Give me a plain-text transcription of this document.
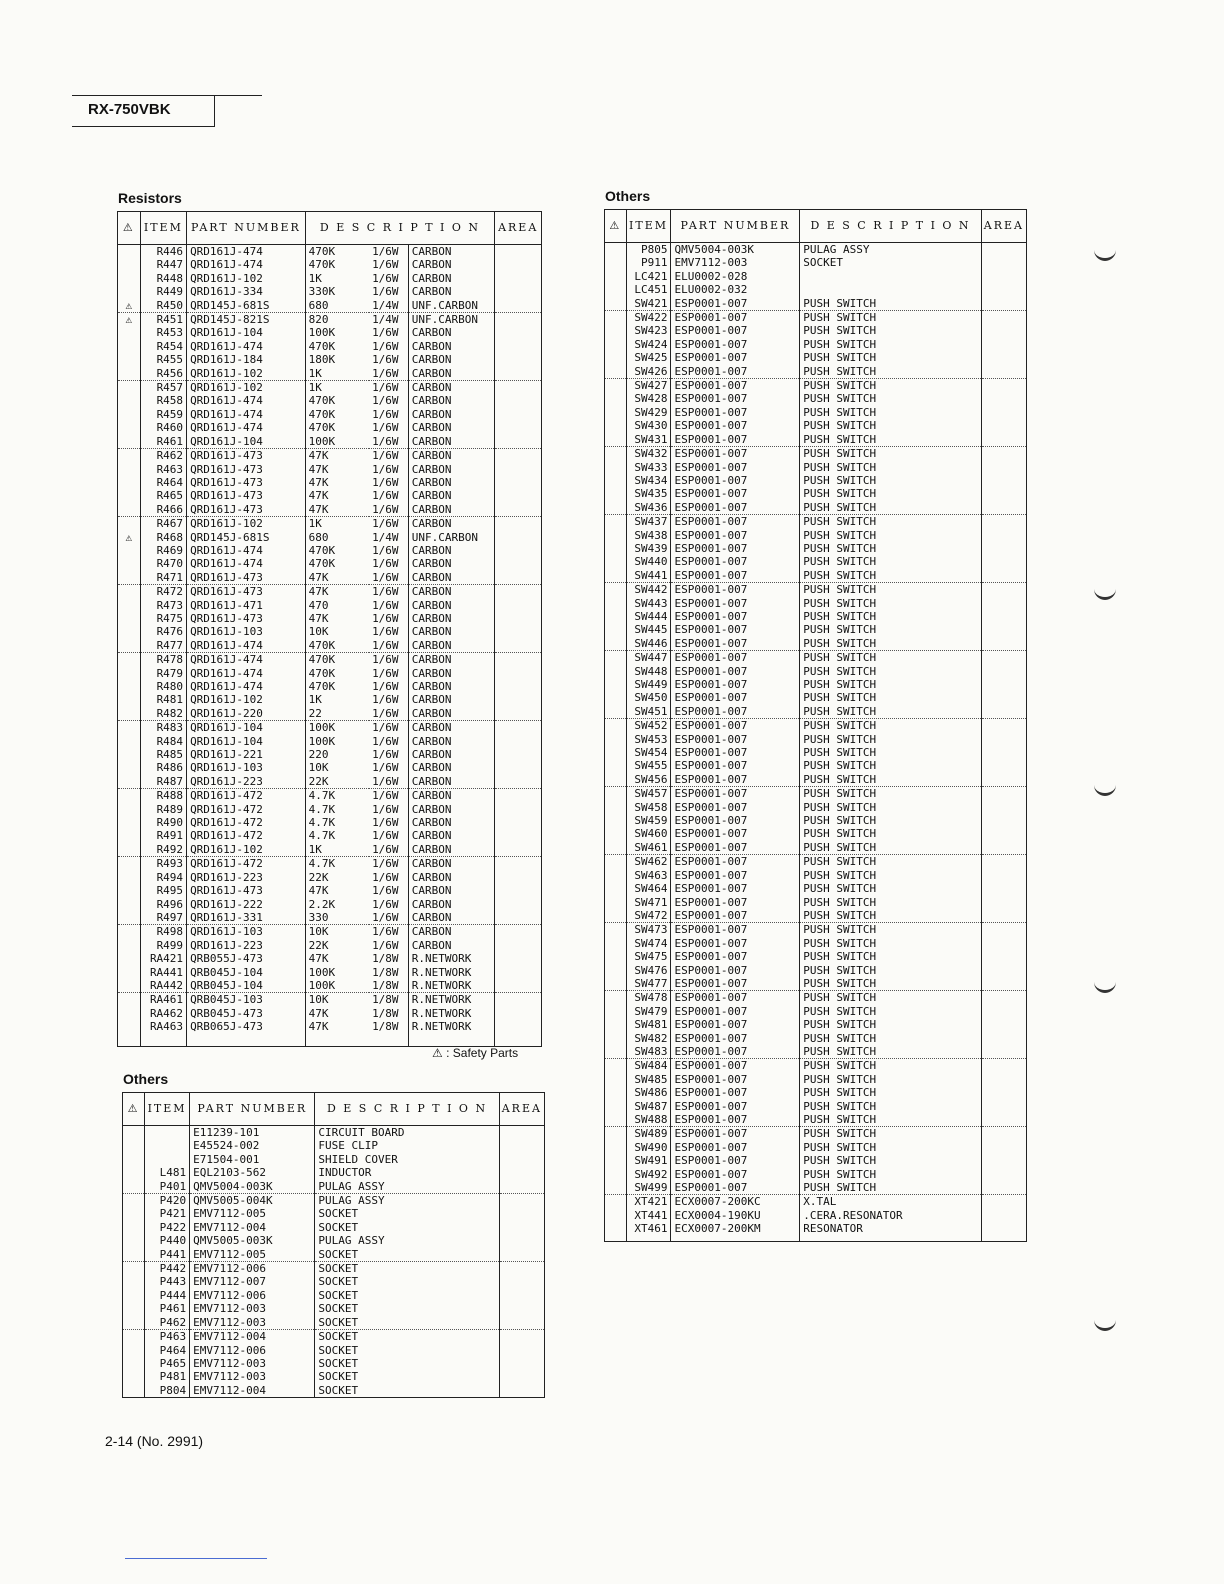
RX-750VBK
Resistors
⚠	ITEM	PART NUMBER	D E S C R I P T I O N			AREA
	R446	QRD161J-474	470K	1/6W	CARBON	
	R447	QRD161J-474	470K	1/6W	CARBON	
	R448	QRD161J-102	1K	1/6W	CARBON	
	R449	QRD161J-334	330K	1/6W	CARBON	
⚠	R450	QRD145J-681S	680	1/4W	UNF.CARBON	
⚠	R451	QRD145J-821S	820	1/4W	UNF.CARBON	
	R453	QRD161J-104	100K	1/6W	CARBON	
	R454	QRD161J-474	470K	1/6W	CARBON	
	R455	QRD161J-184	180K	1/6W	CARBON	
	R456	QRD161J-102	1K	1/6W	CARBON	
	R457	QRD161J-102	1K	1/6W	CARBON	
	R458	QRD161J-474	470K	1/6W	CARBON	
	R459	QRD161J-474	470K	1/6W	CARBON	
	R460	QRD161J-474	470K	1/6W	CARBON	
	R461	QRD161J-104	100K	1/6W	CARBON	
	R462	QRD161J-473	47K	1/6W	CARBON	
	R463	QRD161J-473	47K	1/6W	CARBON	
	R464	QRD161J-473	47K	1/6W	CARBON	
	R465	QRD161J-473	47K	1/6W	CARBON	
	R466	QRD161J-473	47K	1/6W	CARBON	
	R467	QRD161J-102	1K	1/6W	CARBON	
⚠	R468	QRD145J-681S	680	1/4W	UNF.CARBON	
	R469	QRD161J-474	470K	1/6W	CARBON	
	R470	QRD161J-474	470K	1/6W	CARBON	
	R471	QRD161J-473	47K	1/6W	CARBON	
	R472	QRD161J-473	47K	1/6W	CARBON	
	R473	QRD161J-471	470	1/6W	CARBON	
	R475	QRD161J-473	47K	1/6W	CARBON	
	R476	QRD161J-103	10K	1/6W	CARBON	
	R477	QRD161J-474	470K	1/6W	CARBON	
	R478	QRD161J-474	470K	1/6W	CARBON	
	R479	QRD161J-474	470K	1/6W	CARBON	
	R480	QRD161J-474	470K	1/6W	CARBON	
	R481	QRD161J-102	1K	1/6W	CARBON	
	R482	QRD161J-220	22	1/6W	CARBON	
	R483	QRD161J-104	100K	1/6W	CARBON	
	R484	QRD161J-104	100K	1/6W	CARBON	
	R485	QRD161J-221	220	1/6W	CARBON	
	R486	QRD161J-103	10K	1/6W	CARBON	
	R487	QRD161J-223	22K	1/6W	CARBON	
	R488	QRD161J-472	4.7K	1/6W	CARBON	
	R489	QRD161J-472	4.7K	1/6W	CARBON	
	R490	QRD161J-472	4.7K	1/6W	CARBON	
	R491	QRD161J-472	4.7K	1/6W	CARBON	
	R492	QRD161J-102	1K	1/6W	CARBON	
	R493	QRD161J-472	4.7K	1/6W	CARBON	
	R494	QRD161J-223	22K	1/6W	CARBON	
	R495	QRD161J-473	47K	1/6W	CARBON	
	R496	QRD161J-222	2.2K	1/6W	CARBON	
	R497	QRD161J-331	330	1/6W	CARBON	
	R498	QRD161J-103	10K	1/6W	CARBON	
	R499	QRD161J-223	22K	1/6W	CARBON	
	RA421	QRB055J-473	47K	1/8W	R.NETWORK	
	RA441	QRB045J-104	100K	1/8W	R.NETWORK	
	RA442	QRB045J-104	100K	1/8W	R.NETWORK	
	RA461	QRB045J-103	10K	1/8W	R.NETWORK	
	RA462	QRB045J-473	47K	1/8W	R.NETWORK	
	RA463	QRB065J-473	47K	1/8W	R.NETWORK	

⚠ : Safety Parts
Others
⚠	ITEM	PART NUMBER	D E S C R I P T I O N	AREA
		E11239-101	CIRCUIT BOARD	
		E45524-002	FUSE CLIP	
		E71504-001	SHIELD COVER	
	L481	EQL2103-562	INDUCTOR	
	P401	QMV5004-003K	PULAG ASSY	
	P420	QMV5005-004K	PULAG ASSY	
	P421	EMV7112-005	SOCKET	
	P422	EMV7112-004	SOCKET	
	P440	QMV5005-003K	PULAG ASSY	
	P441	EMV7112-005	SOCKET	
	P442	EMV7112-006	SOCKET	
	P443	EMV7112-007	SOCKET	
	P444	EMV7112-006	SOCKET	
	P461	EMV7112-003	SOCKET	
	P462	EMV7112-003	SOCKET	
	P463	EMV7112-004	SOCKET	
	P464	EMV7112-006	SOCKET	
	P465	EMV7112-003	SOCKET	
	P481	EMV7112-003	SOCKET	
	P804	EMV7112-004	SOCKET	

Others
⚠	ITEM	PART NUMBER	D E S C R I P T I O N	AREA
	P805	QMV5004-003K	PULAG ASSY	
	P911	EMV7112-003	SOCKET	
	LC421	ELU0002-028		
	LC451	ELU0002-032		
	SW421	ESP0001-007	PUSH SWITCH	
	SW422	ESP0001-007	PUSH SWITCH	
	SW423	ESP0001-007	PUSH SWITCH	
	SW424	ESP0001-007	PUSH SWITCH	
	SW425	ESP0001-007	PUSH SWITCH	
	SW426	ESP0001-007	PUSH SWITCH	
	SW427	ESP0001-007	PUSH SWITCH	
	SW428	ESP0001-007	PUSH SWITCH	
	SW429	ESP0001-007	PUSH SWITCH	
	SW430	ESP0001-007	PUSH SWITCH	
	SW431	ESP0001-007	PUSH SWITCH	
	SW432	ESP0001-007	PUSH SWITCH	
	SW433	ESP0001-007	PUSH SWITCH	
	SW434	ESP0001-007	PUSH SWITCH	
	SW435	ESP0001-007	PUSH SWITCH	
	SW436	ESP0001-007	PUSH SWITCH	
	SW437	ESP0001-007	PUSH SWITCH	
	SW438	ESP0001-007	PUSH SWITCH	
	SW439	ESP0001-007	PUSH SWITCH	
	SW440	ESP0001-007	PUSH SWITCH	
	SW441	ESP0001-007	PUSH SWITCH	
	SW442	ESP0001-007	PUSH SWITCH	
	SW443	ESP0001-007	PUSH SWITCH	
	SW444	ESP0001-007	PUSH SWITCH	
	SW445	ESP0001-007	PUSH SWITCH	
	SW446	ESP0001-007	PUSH SWITCH	
	SW447	ESP0001-007	PUSH SWITCH	
	SW448	ESP0001-007	PUSH SWITCH	
	SW449	ESP0001-007	PUSH SWITCH	
	SW450	ESP0001-007	PUSH SWITCH	
	SW451	ESP0001-007	PUSH SWITCH	
	SW452	ESP0001-007	PUSH SWITCH	
	SW453	ESP0001-007	PUSH SWITCH	
	SW454	ESP0001-007	PUSH SWITCH	
	SW455	ESP0001-007	PUSH SWITCH	
	SW456	ESP0001-007	PUSH SWITCH	
	SW457	ESP0001-007	PUSH SWITCH	
	SW458	ESP0001-007	PUSH SWITCH	
	SW459	ESP0001-007	PUSH SWITCH	
	SW460	ESP0001-007	PUSH SWITCH	
	SW461	ESP0001-007	PUSH SWITCH	
	SW462	ESP0001-007	PUSH SWITCH	
	SW463	ESP0001-007	PUSH SWITCH	
	SW464	ESP0001-007	PUSH SWITCH	
	SW471	ESP0001-007	PUSH SWITCH	
	SW472	ESP0001-007	PUSH SWITCH	
	SW473	ESP0001-007	PUSH SWITCH	
	SW474	ESP0001-007	PUSH SWITCH	
	SW475	ESP0001-007	PUSH SWITCH	
	SW476	ESP0001-007	PUSH SWITCH	
	SW477	ESP0001-007	PUSH SWITCH	
	SW478	ESP0001-007	PUSH SWITCH	
	SW479	ESP0001-007	PUSH SWITCH	
	SW481	ESP0001-007	PUSH SWITCH	
	SW482	ESP0001-007	PUSH SWITCH	
	SW483	ESP0001-007	PUSH SWITCH	
	SW484	ESP0001-007	PUSH SWITCH	
	SW485	ESP0001-007	PUSH SWITCH	
	SW486	ESP0001-007	PUSH SWITCH	
	SW487	ESP0001-007	PUSH SWITCH	
	SW488	ESP0001-007	PUSH SWITCH	
	SW489	ESP0001-007	PUSH SWITCH	
	SW490	ESP0001-007	PUSH SWITCH	
	SW491	ESP0001-007	PUSH SWITCH	
	SW492	ESP0001-007	PUSH SWITCH	
	SW499	ESP0001-007	PUSH SWITCH	
	XT421	ECX0007-200KC	X.TAL	
	XT441	ECX0004-190KU	.CERA.RESONATOR	
	XT461	ECX0007-200KM	RESONATOR	

2-14 (No. 2991)
